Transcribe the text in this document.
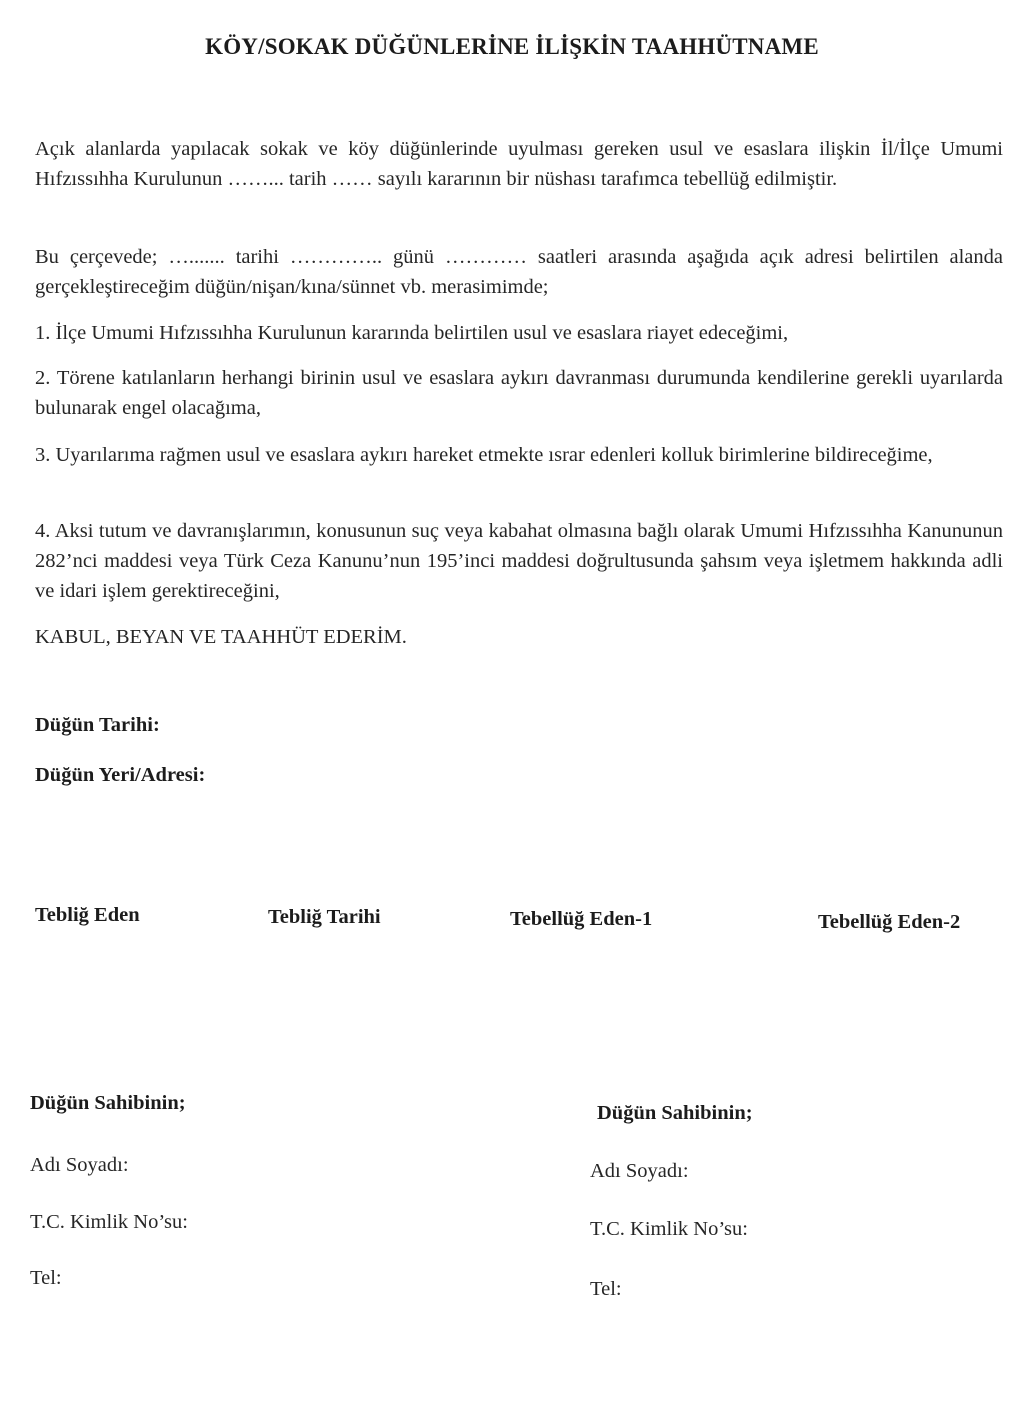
KÖY/SOKAK DÜĞÜNLERİNE İLİŞKİN TAAHHÜTNAME
Açık alanlarda yapılacak sokak ve köy düğünlerinde uyulması gereken usul ve esaslara ilişkin İl/İlçe Umumi Hıfzıssıhha Kurulunun ……... tarih …… sayılı kararının bir nüshası tarafımca tebellüğ edilmiştir.
Bu çerçevede; …....... tarihi ………….. günü ………… saatleri arasında aşağıda açık adresi belirtilen alanda gerçekleştireceğim düğün/nişan/kına/sünnet vb. merasimimde;
1. İlçe Umumi Hıfzıssıhha Kurulunun kararında belirtilen usul ve esaslara riayet edeceğimi,
2. Törene katılanların herhangi birinin usul ve esaslara aykırı davranması durumunda kendilerine gerekli uyarılarda bulunarak engel olacağıma,
3. Uyarılarıma rağmen usul ve esaslara aykırı hareket etmekte ısrar edenleri kolluk birimlerine bildireceğime,
4. Aksi tutum ve davranışlarımın, konusunun suç veya kabahat olmasına bağlı olarak Umumi Hıfzıssıhha Kanununun 282’nci maddesi veya Türk Ceza Kanunu’nun 195’inci maddesi doğrultusunda şahsım veya işletmem hakkında adli ve idari işlem gerektireceğini,
KABUL, BEYAN VE TAAHHÜT EDERİM.
Düğün Tarihi:
Düğün Yeri/Adresi:
Tebliğ Eden	Tebliğ Tarihi	Tebellüğ Eden-1	Tebellüğ Eden-2
Düğün Sahibinin;
Adı Soyadı:
T.C. Kimlik No’su:
Tel:
Düğün Sahibinin;
Adı Soyadı:
T.C. Kimlik No’su:
Tel:
